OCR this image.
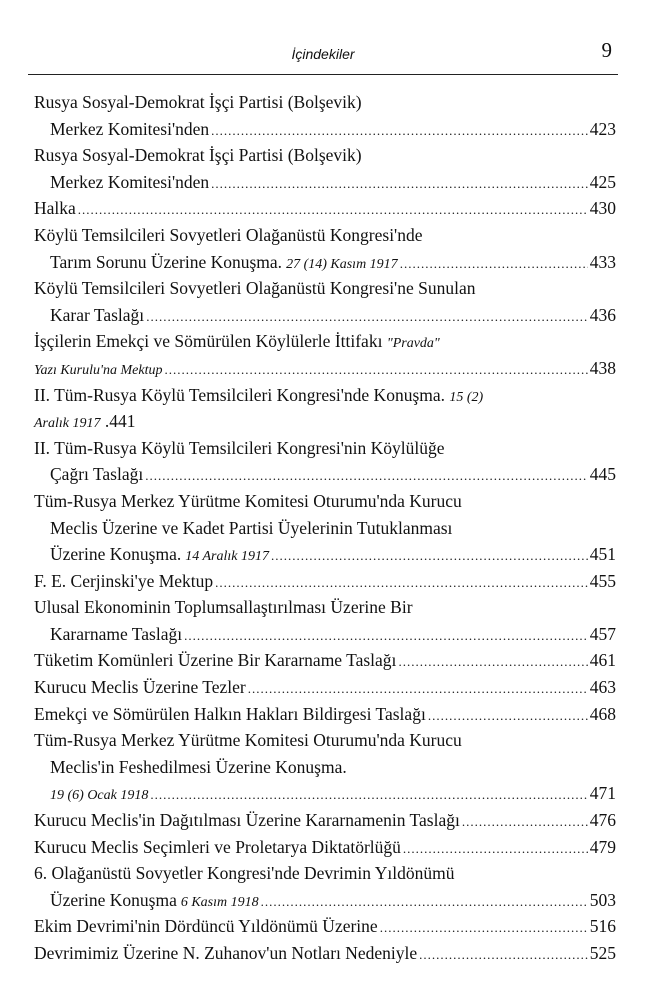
İçindekiler	9
Rusya Sosyal-Demokrat İşçi Partisi (Bolşevik)
Merkez Komitesi'nden .....	423
Rusya Sosyal-Demokrat İşçi Partisi (Bolşevik)
Merkez Komitesi'nden .....	425
Halka .....	430
Köylü Temsilcileri Sovyetleri Olağanüstü Kongresi'nde
Tarım Sorunu Üzerine Konuşma. 27 (14) Kasım 1917 .....	433
Köylü Temsilcileri Sovyetleri Olağanüstü Kongresi'ne Sunulan
Karar Taslağı .....	436
İşçilerin Emekçi ve Sömürülen Köylülerle İttifakı "Pravda"
Yazı Kurulu'na Mektup .....	438
II. Tüm-Rusya Köylü Temsilcileri Kongresi'nde Konuşma. 15 (2)
Aralık 1917 .441
II. Tüm-Rusya Köylü Temsilcileri Kongresi'nin Köylülüğe
Çağrı Taslağı .....	445
Tüm-Rusya Merkez Yürütme Komitesi Oturumu'nda Kurucu
Meclis Üzerine ve Kadet Partisi Üyelerinin Tutuklanması
Üzerine Konuşma. 14 Aralık 1917 .....	451
F. E. Cerjinski'ye Mektup .....	455
Ulusal Ekonominin Toplumsallaştırılması Üzerine Bir
Kararname Taslağı .....	457
Tüketim Komünleri Üzerine Bir Kararname Taslağı .....	461
Kurucu Meclis Üzerine Tezler .....	463
Emekçi ve Sömürülen Halkın Hakları Bildirgesi Taslağı .....	468
Tüm-Rusya Merkez Yürütme Komitesi Oturumu'nda Kurucu
Meclis'in Feshedilmesi Üzerine Konuşma.
19 (6) Ocak 1918 .....	471
Kurucu Meclis'in Dağıtılması Üzerine Kararnamenin Taslağı .....	476
Kurucu Meclis Seçimleri ve Proletarya Diktatörlüğü .....	479
6. Olağanüstü Sovyetler Kongresi'nde Devrimin Yıldönümü
Üzerine Konuşma 6 Kasım 1918 .....	503
Ekim Devrimi'nin Dördüncü Yıldönümü Üzerine .....	516
Devrimimiz Üzerine N. Zuhanov'un Notları Nedeniyle .....	525
